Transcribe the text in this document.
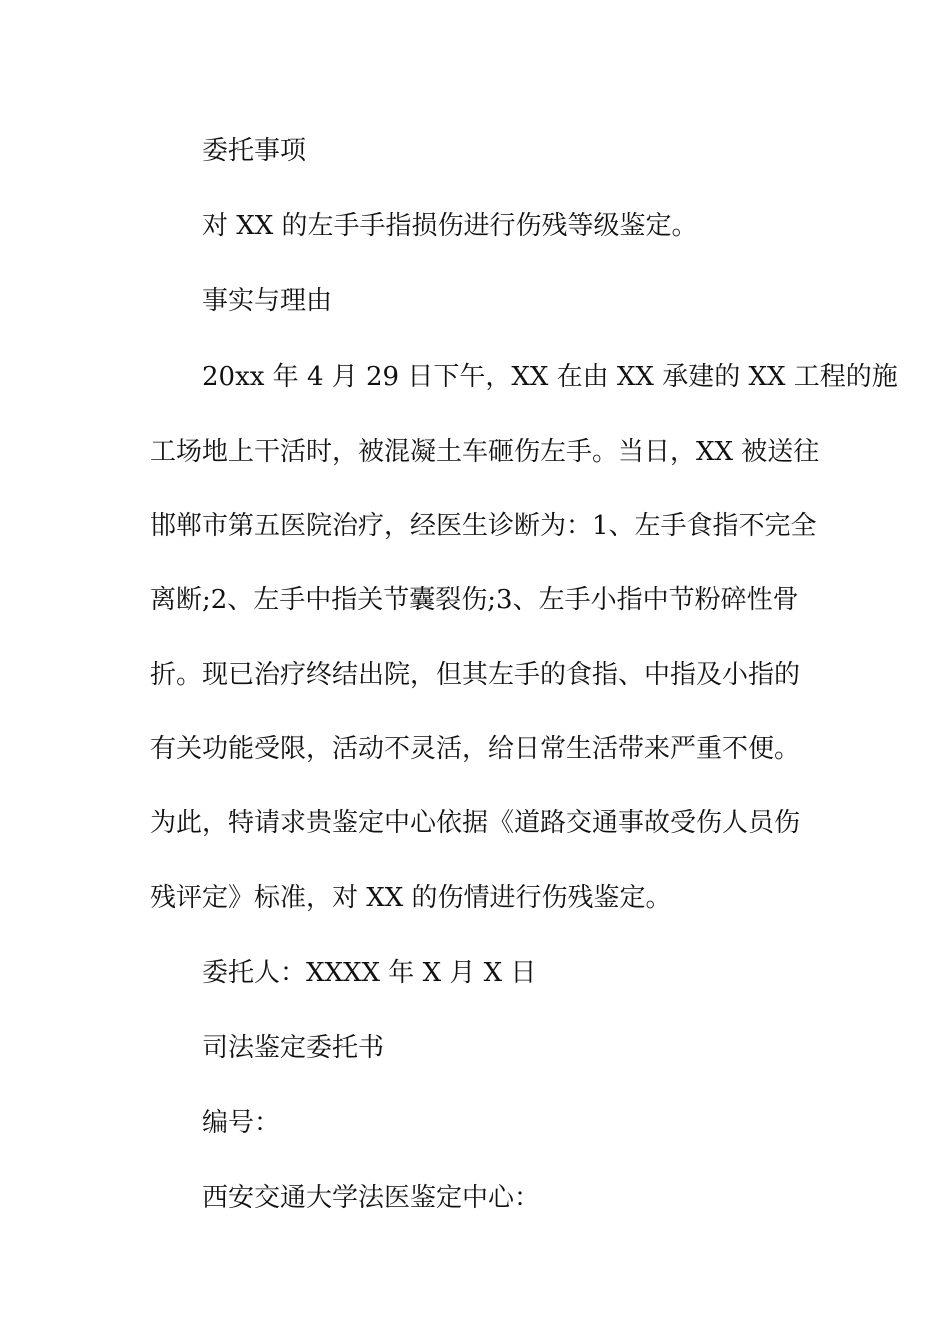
委托事项
对 XX 的左手手指损伤进行伤残等级鉴定。
事实与理由
20xx 年 4 月 29 日下午，XX 在由 XX 承建的 XX 工程的施
工场地上干活时，被混凝土车砸伤左手。当日，XX 被送往
邯郸市第五医院治疗，经医生诊断为：1、左手食指不完全
离断;2、左手中指关节囊裂伤;3、左手小指中节粉碎性骨
折。现已治疗终结出院，但其左手的食指、中指及小指的
有关功能受限，活动不灵活，给日常生活带来严重不便。
为此，特请求贵鉴定中心依据《道路交通事故受伤人员伤
残评定》标准，对 XX 的伤情进行伤残鉴定。
委托人：XXXX 年 X 月 X 日
司法鉴定委托书
编号：
西安交通大学法医鉴定中心：
